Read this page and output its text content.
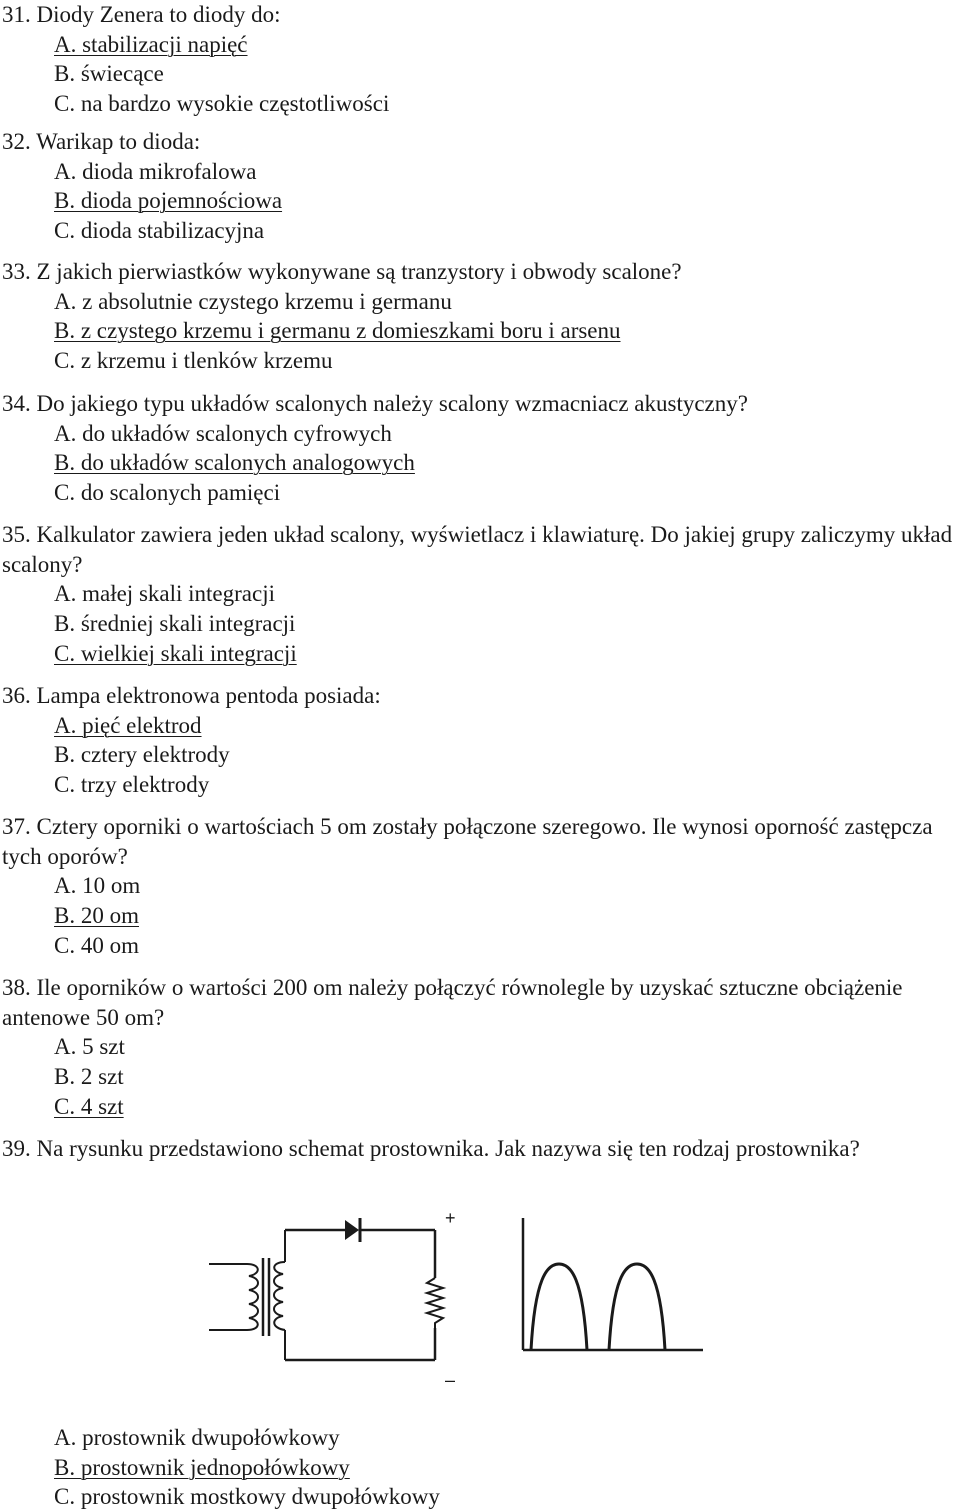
31. Diody Zenera to diody do:
A. stabilizacji napięć
B. świecące
C. na bardzo wysokie częstotliwości
32. Warikap to dioda:
A. dioda mikrofalowa
B. dioda pojemnościowa
C. dioda stabilizacyjna
33. Z jakich pierwiastków wykonywane są tranzystory i obwody scalone?
A. z absolutnie czystego krzemu i germanu
B. z czystego krzemu i germanu z domieszkami boru i arsenu
C. z krzemu i tlenków krzemu
34. Do jakiego typu układów scalonych należy scalony wzmacniacz akustyczny?
A. do układów scalonych cyfrowych
B. do układów scalonych analogowych
C. do scalonych pamięci
35. Kalkulator zawiera jeden układ scalony, wyświetlacz i klawiaturę. Do jakiej grupy zaliczymy układ scalony?
A. małej skali integracji
B. średniej skali integracji
C. wielkiej skali integracji
36. Lampa elektronowa pentoda posiada:
A. pięć elektrod
B. cztery elektrody
C. trzy elektrody
37. Cztery oporniki o wartościach 5 om zostały połączone szeregowo. Ile wynosi oporność zastępcza tych oporów?
A. 10 om
B. 20 om
C. 40 om
38. Ile oporników o wartości 200 om należy połączyć równolegle by uzyskać sztuczne obciążenie antenowe 50 om?
A. 5 szt
B. 2 szt
C. 4 szt
39. Na rysunku przedstawiono schemat prostownika. Jak nazywa się ten rodzaj prostownika?
+
–
A. prostownik dwupołówkowy
B. prostownik jednopołówkowy
C. prostownik mostkowy dwupołówkowy
